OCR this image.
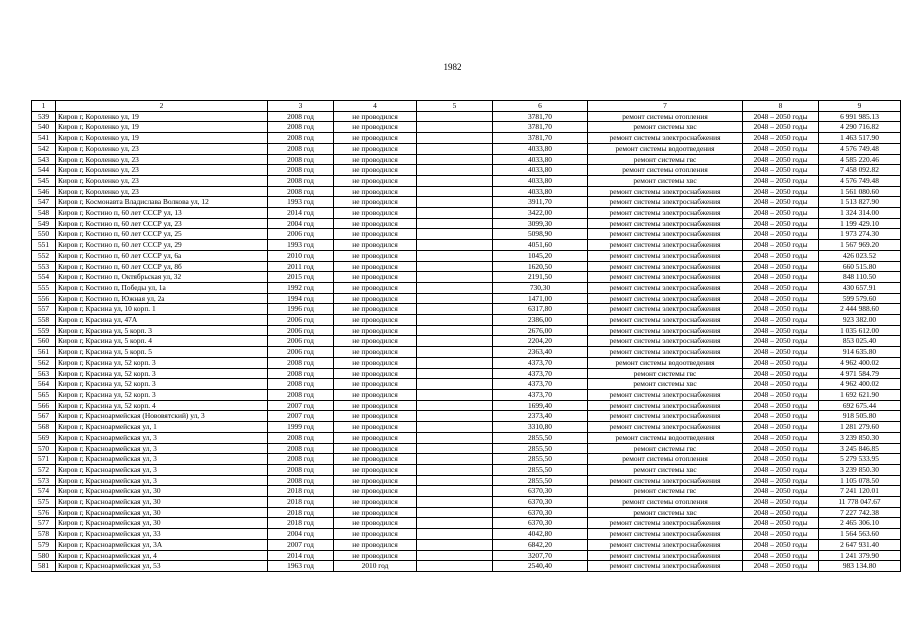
1982
1	2	3	4	5	6	7	8	9
539	Киров г, Короленко ул, 19	2008 год	не проводился		3781,70	ремонт системы отопления	2048 – 2050 годы	6 991 985.13
540	Киров г, Короленко ул, 19	2008 год	не проводился		3781,70	ремонт системы хвс	2048 – 2050 годы	4 290 716.82
541	Киров г, Короленко ул, 19	2008 год	не проводился		3781,70	ремонт системы электроснабжения	2048 – 2050 годы	1 463 517.90
542	Киров г, Короленко ул, 23	2008 год	не проводился		4033,80	ремонт системы водоотведения	2048 – 2050 годы	4 576 749.48
543	Киров г, Короленко ул, 23	2008 год	не проводился		4033,80	ремонт системы гвс	2048 – 2050 годы	4 585 220.46
544	Киров г, Короленко ул, 23	2008 год	не проводился		4033,80	ремонт системы отопления	2048 – 2050 годы	7 458 092.82
545	Киров г, Короленко ул, 23	2008 год	не проводился		4033,80	ремонт системы хвс	2048 – 2050 годы	4 576 749.48
546	Киров г, Короленко ул, 23	2008 год	не проводился		4033,80	ремонт системы электроснабжения	2048 – 2050 годы	1 561 080.60
547	Киров г, Космонавта Владислава Волкова ул, 12	1993 год	не проводился		3911,70	ремонт системы электроснабжения	2048 – 2050 годы	1 513 827.90
548	Киров г, Костино п, 60 лет СССР ул, 13	2014 год	не проводился		3422,00	ремонт системы электроснабжения	2048 – 2050 годы	1 324 314.00
549	Киров г, Костино п, 60 лет СССР ул, 23	2004 год	не проводился		3099,30	ремонт системы электроснабжения	2048 – 2050 годы	1 199 429.10
550	Киров г, Костино п, 60 лет СССР ул, 25	2006 год	не проводился		5098,90	ремонт системы электроснабжения	2048 – 2050 годы	1 973 274.30
551	Киров г, Костино п, 60 лет СССР ул, 29	1993 год	не проводился		4051,60	ремонт системы электроснабжения	2048 – 2050 годы	1 567 969.20
552	Киров г, Костино п, 60 лет СССР ул, 6а	2010 год	не проводился		1045,20	ремонт системы электроснабжения	2048 – 2050 годы	426 023.52
553	Киров г, Костино п, 60 лет СССР ул, 8б	2011 год	не проводился		1620,50	ремонт системы электроснабжения	2048 – 2050 годы	660 515.80
554	Киров г, Костино п, Октябрьская ул, 32	2015 год	не проводился		2191,50	ремонт системы электроснабжения	2048 – 2050 годы	848 110.50
555	Киров г, Костино п, Победы ул, 1а	1992 год	не проводился		730,30	ремонт системы электроснабжения	2048 – 2050 годы	430 657.91
556	Киров г, Костино п, Южная ул, 2а	1994 год	не проводился		1471,00	ремонт системы электроснабжения	2048 – 2050 годы	599 579.60
557	Киров г, Красина ул, 10 корп. 1	1996 год	не проводился		6317,80	ремонт системы электроснабжения	2048 – 2050 годы	2 444 988.60
558	Киров г, Красина ул, 47А	2006 год	не проводился		2386,00	ремонт системы электроснабжения	2048 – 2050 годы	923 382.00
559	Киров г, Красина ул, 5 корп. 3	2006 год	не проводился		2676,00	ремонт системы электроснабжения	2048 – 2050 годы	1 035 612.00
560	Киров г, Красина ул, 5 корп. 4	2006 год	не проводился		2204,20	ремонт системы электроснабжения	2048 – 2050 годы	853 025.40
561	Киров г, Красина ул, 5 корп. 5	2006 год	не проводился		2363,40	ремонт системы электроснабжения	2048 – 2050 годы	914 635.80
562	Киров г, Красина ул, 52 корп. 3	2008 год	не проводился		4373,70	ремонт системы водоотведения	2048 – 2050 годы	4 962 400.02
563	Киров г, Красина ул, 52 корп. 3	2008 год	не проводился		4373,70	ремонт системы гвс	2048 – 2050 годы	4 971 584.79
564	Киров г, Красина ул, 52 корп. 3	2008 год	не проводился		4373,70	ремонт системы хвс	2048 – 2050 годы	4 962 400.02
565	Киров г, Красина ул, 52 корп. 3	2008 год	не проводился		4373,70	ремонт системы электроснабжения	2048 – 2050 годы	1 692 621.90
566	Киров г, Красина ул, 52 корп. 4	2007 год	не проводился		1699,40	ремонт системы электроснабжения	2048 – 2050 годы	692 675.44
567	Киров г, Красноармейская (Нововятский) ул, 3	2007 год	не проводился		2373,40	ремонт системы электроснабжения	2048 – 2050 годы	918 505.80
568	Киров г, Красноармейская ул, 1	1999 год	не проводился		3310,80	ремонт системы электроснабжения	2048 – 2050 годы	1 281 279.60
569	Киров г, Красноармейская ул, 3	2008 год	не проводился		2855,50	ремонт системы водоотведения	2048 – 2050 годы	3 239 850.30
570	Киров г, Красноармейская ул, 3	2008 год	не проводился		2855,50	ремонт системы гвс	2048 – 2050 годы	3 245 846.85
571	Киров г, Красноармейская ул, 3	2008 год	не проводился		2855,50	ремонт системы отопления	2048 – 2050 годы	5 279 533.95
572	Киров г, Красноармейская ул, 3	2008 год	не проводился		2855,50	ремонт системы хвс	2048 – 2050 годы	3 239 850.30
573	Киров г, Красноармейская ул, 3	2008 год	не проводился		2855,50	ремонт системы электроснабжения	2048 – 2050 годы	1 105 078.50
574	Киров г, Красноармейская ул, 30	2018 год	не проводился		6370,30	ремонт системы гвс	2048 – 2050 годы	7 241 120.01
575	Киров г, Красноармейская ул, 30	2018 год	не проводился		6370,30	ремонт системы отопления	2048 – 2050 годы	11 778 047.67
576	Киров г, Красноармейская ул, 30	2018 год	не проводился		6370,30	ремонт системы хвс	2048 – 2050 годы	7 227 742.38
577	Киров г, Красноармейская ул, 30	2018 год	не проводился		6370,30	ремонт системы электроснабжения	2048 – 2050 годы	2 465 306.10
578	Киров г, Красноармейская ул, 33	2004 год	не проводился		4042,80	ремонт системы электроснабжения	2048 – 2050 годы	1 564 563.60
579	Киров г, Красноармейская ул, 3А	2007 год	не проводился		6842,20	ремонт системы электроснабжения	2048 – 2050 годы	2 647 931.40
580	Киров г, Красноармейская ул, 4	2014 год	не проводился		3207,70	ремонт системы электроснабжения	2048 – 2050 годы	1 241 379.90
581	Киров г, Красноармейская ул, 53	1963 год	2010 год		2540,40	ремонт системы электроснабжения	2048 – 2050 годы	983 134.80
